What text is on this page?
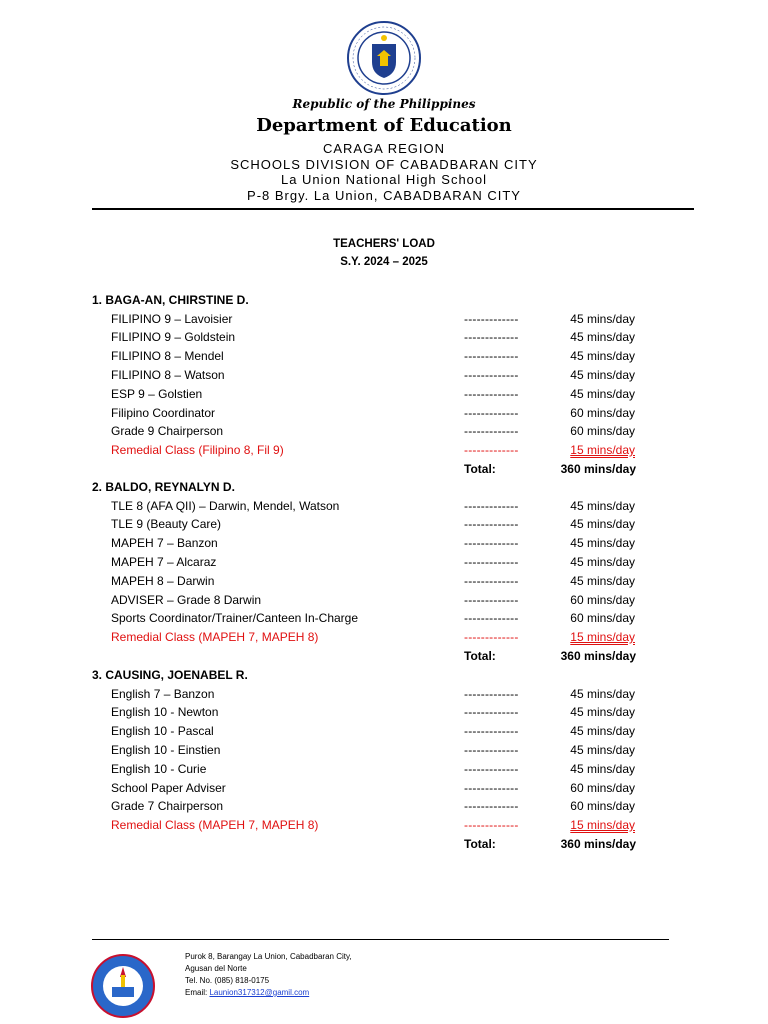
Republic of the Philippines
Department of Education
CARAGA REGION
SCHOOLS DIVISION OF CABADBARAN CITY
La Union National High School
P-8 Brgy. La Union, CABADBARAN CITY
TEACHERS' LOAD
S.Y. 2024 – 2025
1. BAGA-AN, CHIRSTINE D.
FILIPINO 9 – Lavoisier	-------------	45 mins/day
FILIPINO 9 – Goldstein	-------------	45 mins/day
FILIPINO 8 – Mendel	-------------	45 mins/day
FILIPINO 8 – Watson	-------------	45 mins/day
ESP 9 – Golstien	-------------	45 mins/day
Filipino Coordinator	-------------	60 mins/day
Grade 9 Chairperson	-------------	60 mins/day
Remedial Class (Filipino 8, Fil 9)	-------------	15 mins/day
Total:	360 mins/day
2. BALDO, REYNALYN D.
TLE 8 (AFA QII) – Darwin, Mendel, Watson	-------------	45 mins/day
TLE 9 (Beauty Care)	-------------	45 mins/day
MAPEH 7 – Banzon	-------------	45 mins/day
MAPEH 7 – Alcaraz	-------------	45 mins/day
MAPEH 8 – Darwin	-------------	45 mins/day
ADVISER – Grade 8 Darwin	-------------	60 mins/day
Sports Coordinator/Trainer/Canteen In-Charge	-------------	60 mins/day
Remedial Class (MAPEH 7, MAPEH 8)	-------------	15 mins/day
Total:	360 mins/day
3. CAUSING, JOENABEL R.
English 7 – Banzon	-------------	45 mins/day
English 10 - Newton	-------------	45 mins/day
English 10 - Pascal	-------------	45 mins/day
English 10 - Einstien	-------------	45 mins/day
English 10 - Curie	-------------	45 mins/day
School Paper Adviser	-------------	60 mins/day
Grade 7 Chairperson	-------------	60 mins/day
Remedial Class (MAPEH 7, MAPEH 8)	-------------	15 mins/day
Total:	360 mins/day
Purok 8, Barangay La Union, Cabadbaran City,
Agusan del Norte
Tel. No. (085) 818-0175
Email: Launion317312@gamil.com
